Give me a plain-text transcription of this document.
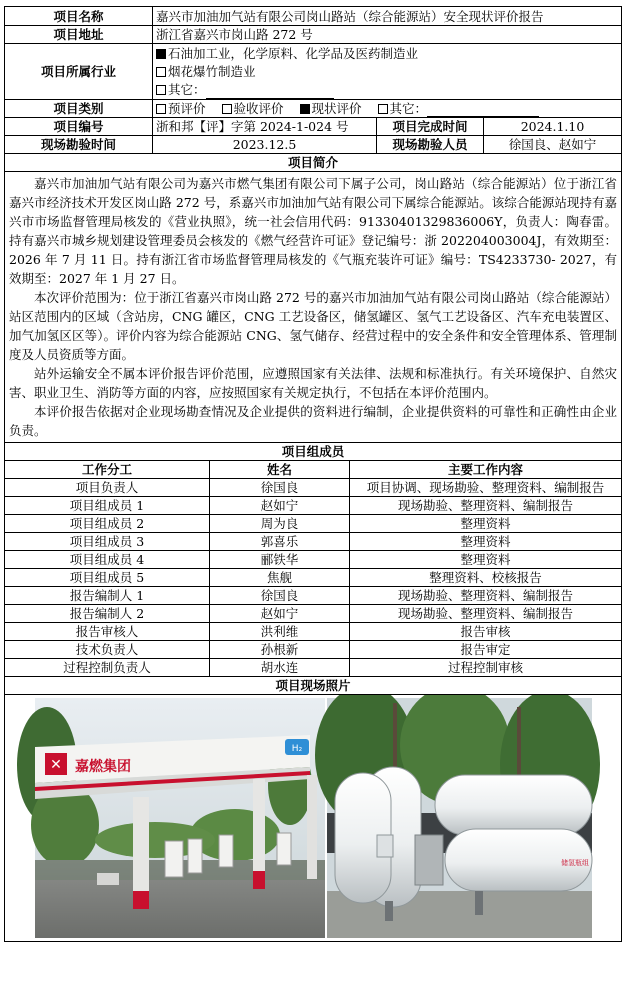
项目名称	嘉兴市加油加气站有限公司岗山路站（综合能源站）安全现状评价报告		
项目地址	浙江省嘉兴市岗山路 272 号		
项目所属行业	石油加工业，化学原料、化学品及医药制造业
烟花爆竹制造业
其它：		

项目类别	预评价 验收评价 现状评价 其它：		
项目编号	浙和邦【评】字第 2024-1-024 号	项目完成时间	2024.1.10
现场勘验时间	2023.12.5	现场勘验人员	徐国良、赵如宁
项目简介			

嘉兴市加油加气站有限公司为嘉兴市燃气集团有限公司下属子公司，岗山路站（综合能源站）位于浙江省嘉兴市经济技术开发区岗山路 272 号，系嘉兴市加油加气站有限公司下属综合能源站。该综合能源站现持有嘉兴市市场监督管理局核发的《营业执照》，统一社会信用代码：91330401329836006Y，负责人：陶春雷。持有嘉兴市城乡规划建设管理委员会核发的《燃气经营许可证》登记编号：浙 202204003004J，有效期至：2026 年 7 月 11 日。持有浙江省市场监督管理局核发的《气瓶充装许可证》编号：TS4233730- 2027，有效期至：2027 年 1 月 27 日。

本次评价范围为：位于浙江省嘉兴市岗山路 272 号的嘉兴市加油加气站有限公司岗山路站（综合能源站）站区范围内的区域（含站房，CNG 罐区，CNG 工艺设备区，储氢罐区、氢气工艺设备区、汽车充电装置区、加气加氢区区等）。评价内容为综合能源站 CNG、氢气储存、经营过程中的安全条件和安全管理体系、管理制度及人员资质等方面。

站外运输安全不属本评价报告评价范围，应遵照国家有关法律、法规和标准执行。有关环境保护、自然灾害、职业卫生、消防等方面的内容，应按照国家有关规定执行，不包括在本评价范围内。

本评价报告依据对企业现场勘查情况及企业提供的资料进行编制，企业提供资料的可靠性和正确性由企业负责。			

项目组成员		
工作分工	姓名	主要工作内容
项目负责人	徐国良	项目协调、现场勘验、整理资料、编制报告
项目组成员 1	赵如宁	现场勘验、整理资料、编制报告
项目组成员 2	周为良	整理资料
项目组成员 3	郭喜乐	整理资料
项目组成员 4	郦铁华	整理资料
项目组成员 5	焦舰	整理资料、校核报告
报告编制人 1	徐国良	现场勘验、整理资料、编制报告
报告编制人 2	赵如宁	现场勘验、整理资料、编制报告
报告审核人	洪利维	报告审核
技术负责人	孙根新	报告审定
过程控制负责人	胡水连	过程控制审核
项目现场照片		

✕ 嘉燃集团
H₂
储氢瓶组		
